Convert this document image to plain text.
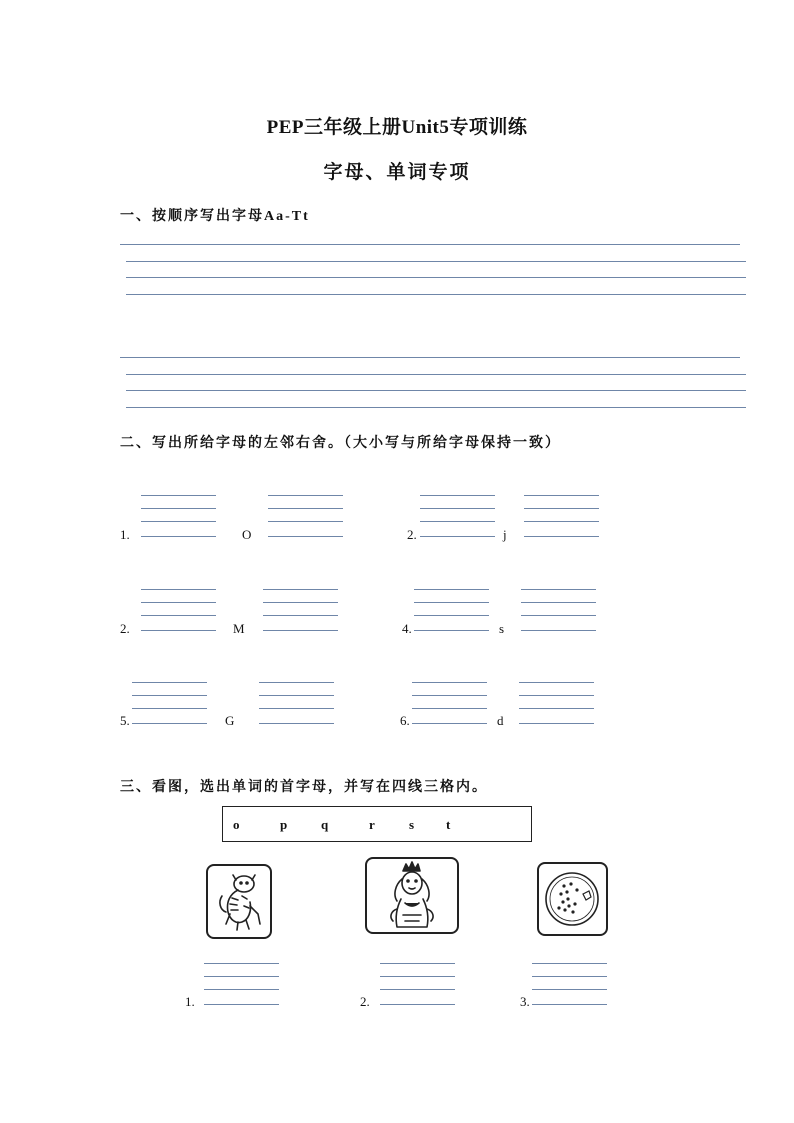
PEP三年级上册Unit5专项训练
字母、单词专项
一、按顺序写出字母Aa-Tt
二、写出所给字母的左邻右舍。（大小写与所给字母保持一致）
1.	O	2.	j
2.	M	4.	s
5.	G	6.	d
三、看图，选出单词的首字母，并写在四线三格内。
o	p	q	r	s t
1.	2.	3.
